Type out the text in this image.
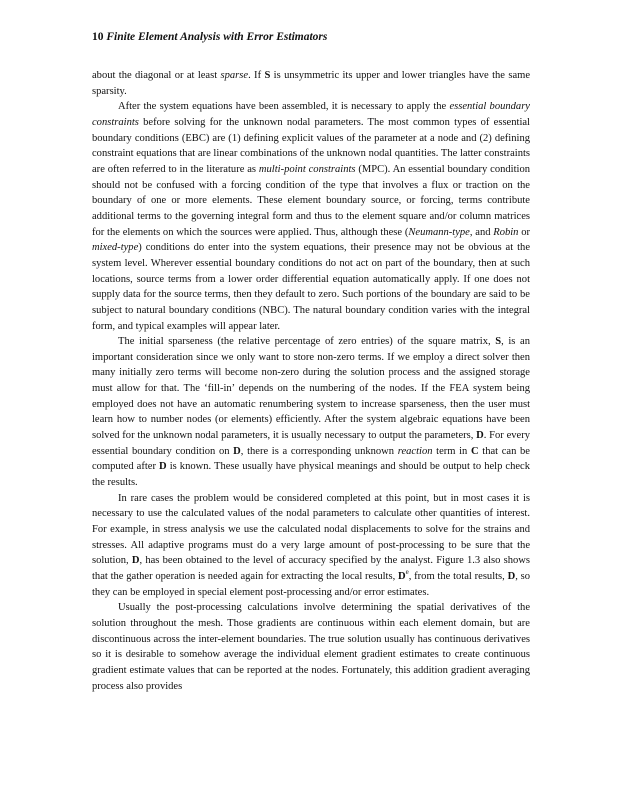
10 Finite Element Analysis with Error Estimators

about the diagonal or at least sparse. If S is unsymmetric its upper and lower triangles have the same sparsity.

After the system equations have been assembled, it is necessary to apply the essential boundary constraints before solving for the unknown nodal parameters. The most common types of essential boundary conditions (EBC) are (1) defining explicit values of the parameter at a node and (2) defining constraint equations that are linear combinations of the unknown nodal quantities. The latter constraints are often referred to in the literature as multi-point constraints (MPC). An essential boundary condition should not be confused with a forcing condition of the type that involves a flux or traction on the boundary of one or more elements. These element boundary source, or forcing, terms contribute additional terms to the governing integral form and thus to the element square and/or column matrices for the elements on which the sources were applied. Thus, although these (Neumann-type, and Robin or mixed-type) conditions do enter into the system equations, their presence may not be obvious at the system level. Wherever essential boundary conditions do not act on part of the boundary, then at such locations, source terms from a lower order differential equation automatically apply. If one does not supply data for the source terms, then they default to zero. Such portions of the boundary are said to be subject to natural boundary conditions (NBC). The natural boundary condition varies with the integral form, and typical examples will appear later.

The initial sparseness (the relative percentage of zero entries) of the square matrix, S, is an important consideration since we only want to store non-zero terms. If we employ a direct solver then many initially zero terms will become non-zero during the solution process and the assigned storage must allow for that. The ‘fill-in’ depends on the numbering of the nodes. If the FEA system being employed does not have an automatic renumbering system to increase sparseness, then the user must learn how to number nodes (or elements) efficiently. After the system algebraic equations have been solved for the unknown nodal parameters, it is usually necessary to output the parameters, D. For every essential boundary condition on D, there is a corresponding unknown reaction term in C that can be computed after D is known. These usually have physical meanings and should be output to help check the results.

In rare cases the problem would be considered completed at this point, but in most cases it is necessary to use the calculated values of the nodal parameters to calculate other quantities of interest. For example, in stress analysis we use the calculated nodal displacements to solve for the strains and stresses. All adaptive programs must do a very large amount of post-processing to be sure that the solution, D, has been obtained to the level of accuracy specified by the analyst. Figure 1.3 also shows that the gather operation is needed again for extracting the local results, De, from the total results, D, so they can be employed in special element post-processing and/or error estimates.

Usually the post-processing calculations involve determining the spatial derivatives of the solution throughout the mesh. Those gradients are continuous within each element domain, but are discontinuous across the inter-element boundaries. The true solution usually has continuous derivatives so it is desirable to somehow average the individual element gradient estimates to create continuous gradient estimate values that can be reported at the nodes. Fortunately, this addition gradient averaging process also provides
